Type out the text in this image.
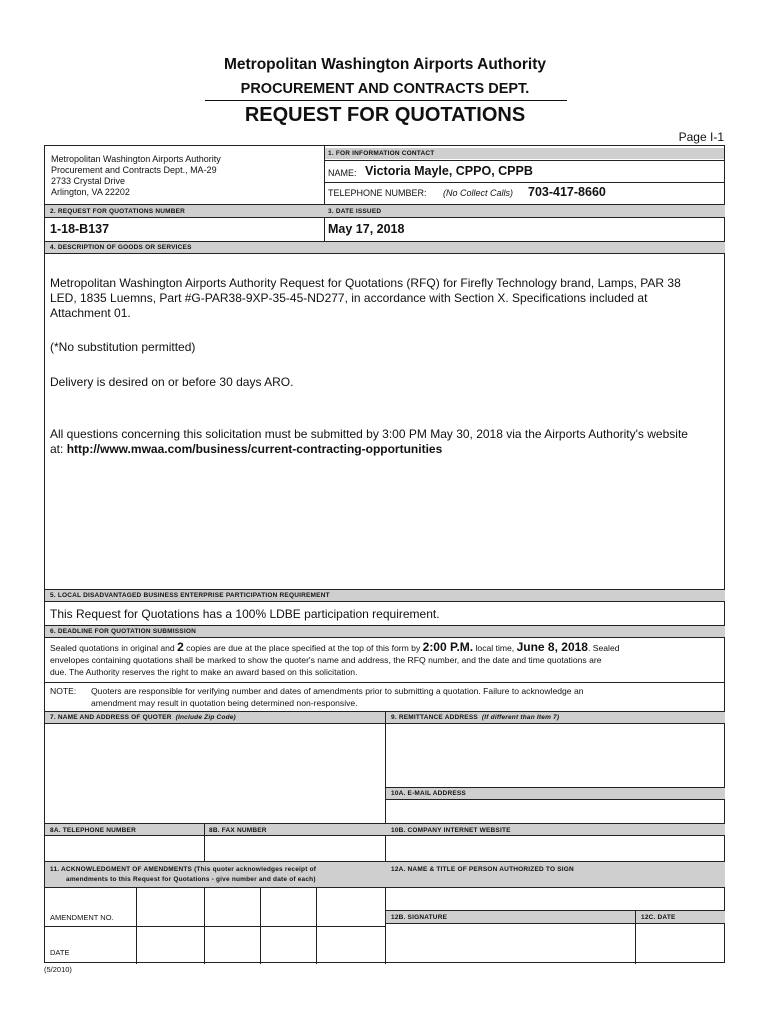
Metropolitan Washington Airports Authority
PROCUREMENT AND CONTRACTS DEPT.
REQUEST FOR QUOTATIONS
Page I-1
Metropolitan Washington Airports Authority
Procurement and Contracts Dept., MA-29
2733 Crystal Drive
Arlington, VA 22202
1. FOR INFORMATION CONTACT
NAME: Victoria Mayle, CPPO, CPPB
TELEPHONE NUMBER: (No Collect Calls) 703-417-8660
2. REQUEST FOR QUOTATIONS NUMBER	3. DATE ISSUED
1-18-B137	May 17, 2018
4. DESCRIPTION OF GOODS OR SERVICES
Metropolitan Washington Airports Authority Request for Quotations (RFQ) for Firefly Technology brand, Lamps, PAR 38
LED, 1835 Luemns, Part #G-PAR38-9XP-35-45-ND277, in accordance with Section X. Specifications included at
Attachment 01.
(*No substitution permitted)
Delivery is desired on or before 30 days ARO.
All questions concerning this solicitation must be submitted by 3:00 PM May 30, 2018 via the Airports Authority's website
at: http://www.mwaa.com/business/current-contracting-opportunities
5. LOCAL DISADVANTAGED BUSINESS ENTERPRISE PARTICIPATION REQUIREMENT
This Request for Quotations has a 100% LDBE participation requirement.
6. DEADLINE FOR QUOTATION SUBMISSION
Sealed quotations in original and 2 copies are due at the place specified at the top of this form by 2:00 P.M. local time, June 8, 2018. Sealed
envelopes containing quotations shall be marked to show the quoter's name and address, the RFQ number, and the date and time quotations are
due. The Authority reserves the right to make an award based on this solicitation.
NOTE: Quoters are responsible for verifying number and dates of amendments prior to submitting a quotation. Failure to acknowledge an
amendment may result in quotation being determined non-responsive.
7. NAME AND ADDRESS OF QUOTER (Include Zip Code)	9. REMITTANCE ADDRESS (If different than Item 7)
10A. E-MAIL ADDRESS
8A. TELEPHONE NUMBER	8B. FAX NUMBER	10B. COMPANY INTERNET WEBSITE
11. ACKNOWLEDGMENT OF AMENDMENTS (This quoter acknowledges receipt of
amendments to this Request for Quotations - give number and date of each)
12A. NAME & TITLE OF PERSON AUTHORIZED TO SIGN
AMENDMENT NO.
DATE
12B. SIGNATURE	12C. DATE
(5/2010)
